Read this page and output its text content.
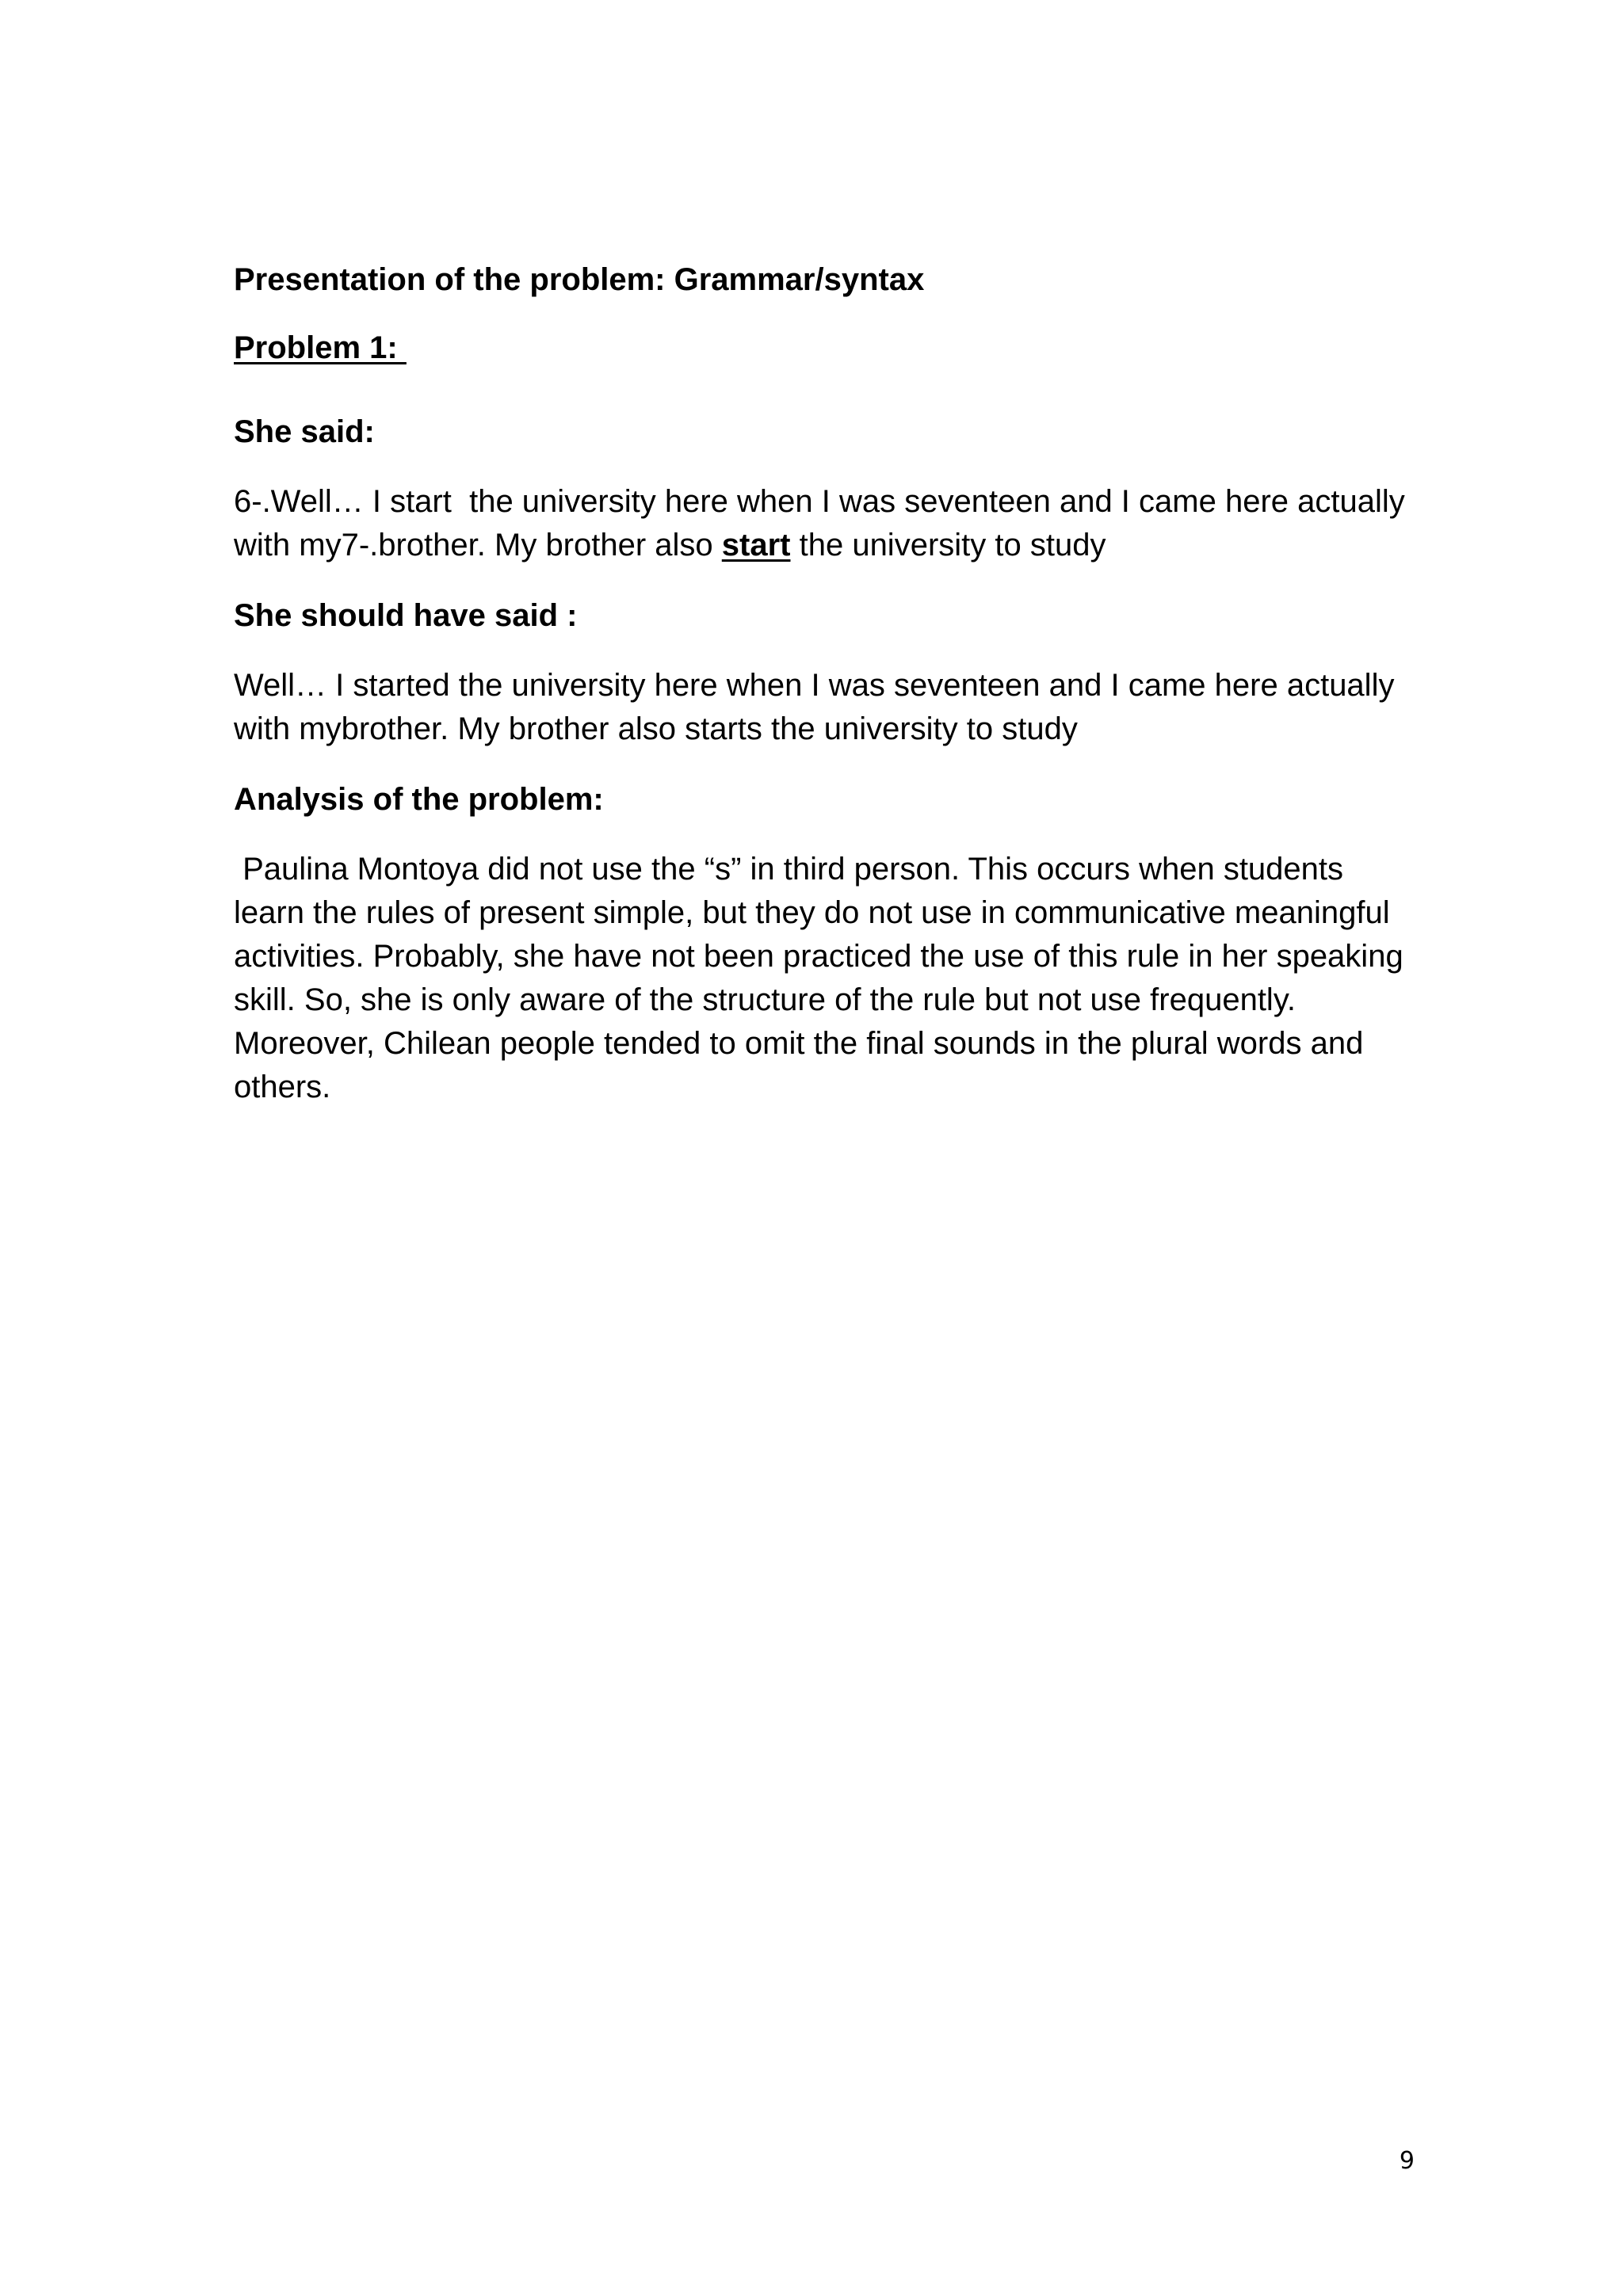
Presentation of the problem: Grammar/syntax

Problem 1:

She said:

6-.Well… I start  the university here when I was seventeen and I came here actually with my7-.brother. My brother also start the university to study

She should have said :

Well… I started the university here when I was seventeen and I came here actually with mybrother. My brother also starts the university to study

Analysis of the problem:

Paulina Montoya did not use the “s” in third person. This occurs when students learn the rules of present simple, but they do not use in communicative meaningful activities. Probably, she have not been practiced the use of this rule in her speaking skill. So, she is only aware of the structure of the rule but not use frequently. Moreover, Chilean people tended to omit the final sounds in the plural words and others.

9
